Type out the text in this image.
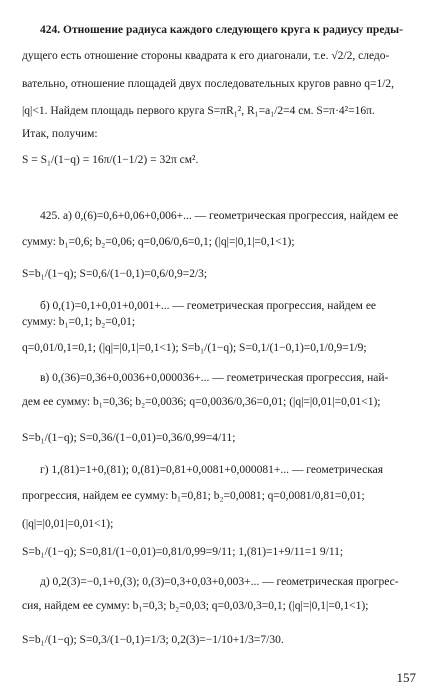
424. Отношение радиуса каждого следующего круга к радиусу преды-
дущего есть отношение стороны квадрата к его диагонали, т.е. √2/2, следо-
вательно, отношение площадей двух последовательных кругов равно q=1/2,
|q|<1. Найдем площадь первого круга S=πR₁², R₁=a₁/2=4 см. S=π·4²=16π.
Итак, получим:
S = S₁/(1−q) = 16π/(1−1/2) = 32π см².
425. а) 0,(6)=0,6+0,06+0,006+... — геометрическая прогрессия, найдем ее
сумму: b₁=0,6; b₂=0,06; q=0,06/0,6=0,1; (|q|=|0,1|=0,1<1);
S=b₁/(1−q); S=0,6/(1−0,1)=0,6/0,9=2/3;
б) 0,(1)=0,1+0,01+0,001+... — геометрическая прогрессия, найдем ее
сумму: b₁=0,1; b₂=0,01;
q=0,01/0,1=0,1; (|q|=|0,1|=0,1<1); S=b₁/(1−q); S=0,1/(1−0,1)=0,1/0,9=1/9;
в) 0,(36)=0,36+0,0036+0,000036+... — геометрическая прогрессия, най-
дем ее сумму: b₁=0,36; b₂=0,0036; q=0,0036/0,36=0,01; (|q|=|0,01|=0,01<1);
S=b₁/(1−q); S=0,36/(1−0,01)=0,36/0,99=4/11;
г) 1,(81)=1+0,(81); 0,(81)=0,81+0,0081+0,000081+... — геометрическая
прогрессия, найдем ее сумму: b₁=0,81; b₂=0,0081; q=0,0081/0,81=0,01;
(|q|=|0,01|=0,01<1);
S=b₁/(1−q); S=0,81/(1−0,01)=0,81/0,99=9/11; 1,(81)=1+9/11=1 9/11;
д) 0,2(3)=−0,1+0,(3); 0,(3)=0,3+0,03+0,003+... — геометрическая прогрес-
сия, найдем ее сумму: b₁=0,3; b₂=0,03; q=0,03/0,3=0,1; (|q|=|0,1|=0,1<1);
S=b₁/(1−q); S=0,3/(1−0,1)=1/3; 0,2(3)=−1/10+1/3=7/30.
157
